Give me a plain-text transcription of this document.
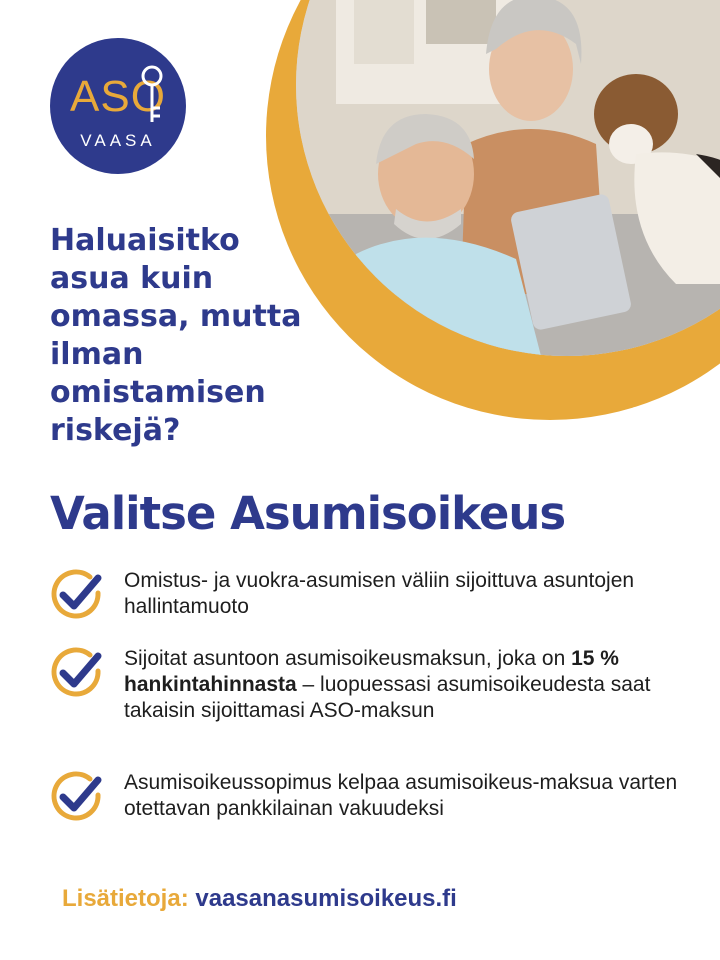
ASO
VAASA
Haluaisitko asua kuin omassa, mutta ilman omistamisen riskejä?
Valitse Asumisoikeus
Omistus- ja vuokra-asumisen väliin sijoittuva asuntojen hallintamuoto
Sijoitat asuntoon asumisoikeusmaksun, joka on 15 % hankintahinnasta – luopuessasi asumisoikeudesta saat takaisin sijoittamasi ASO-maksun
Asumisoikeussopimus kelpaa asumisoikeus-maksua varten otettavan pankkilainan vakuudeksi
Lisätietoja: vaasanasumisoikeus.fi
